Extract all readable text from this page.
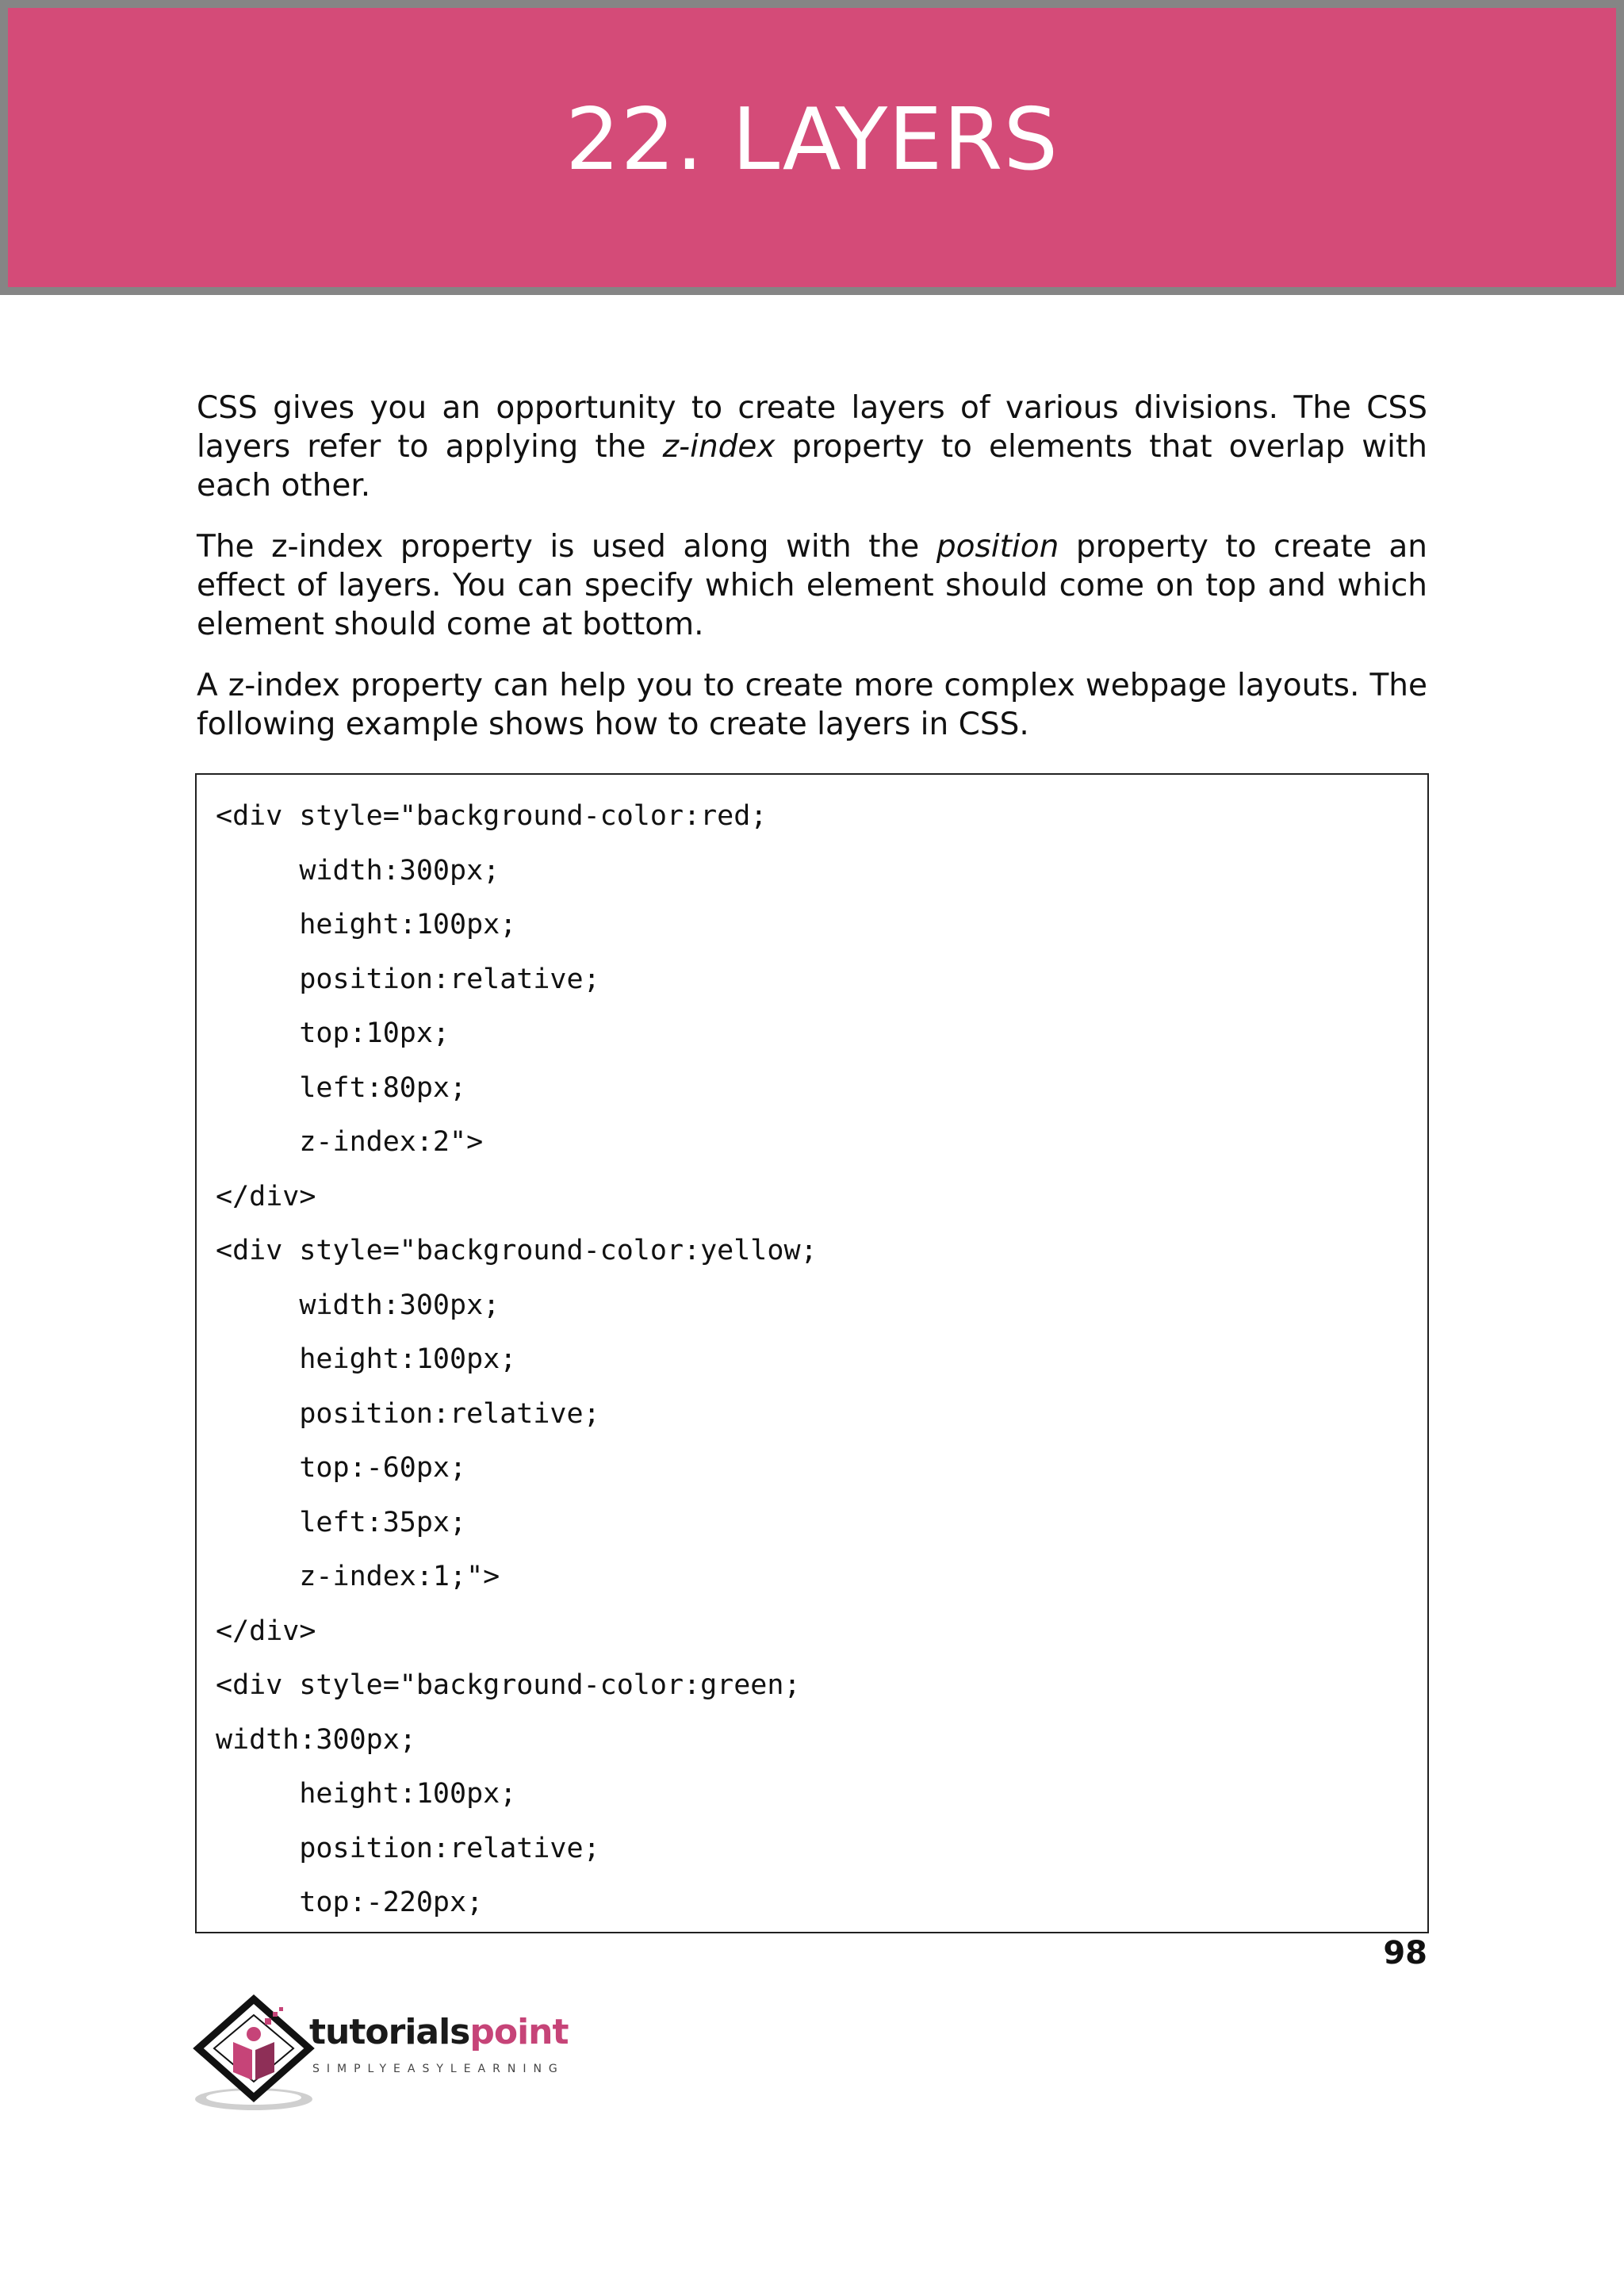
22. LAYERS

CSS gives you an opportunity to create layers of various divisions. The CSS layers refer to applying the z-index property to elements that overlap with each other.

The z-index property is used along with the position property to create an effect of layers. You can specify which element should come on top and which element should come at bottom.

A z-index property can help you to create more complex webpage layouts. The following example shows how to create layers in CSS.

<div style="background-color:red;
width:300px;
height:100px;
position:relative;
top:10px;
left:80px;
z-index:2">
</div>
<div style="background-color:yellow;
width:300px;
height:100px;
position:relative;
top:-60px;
left:35px;
z-index:1;">
</div>
<div style="background-color:green;
width:300px;
height:100px;
position:relative;
top:-220px;
98
tutorialspoint
SIMPLYEASYLEARNING
